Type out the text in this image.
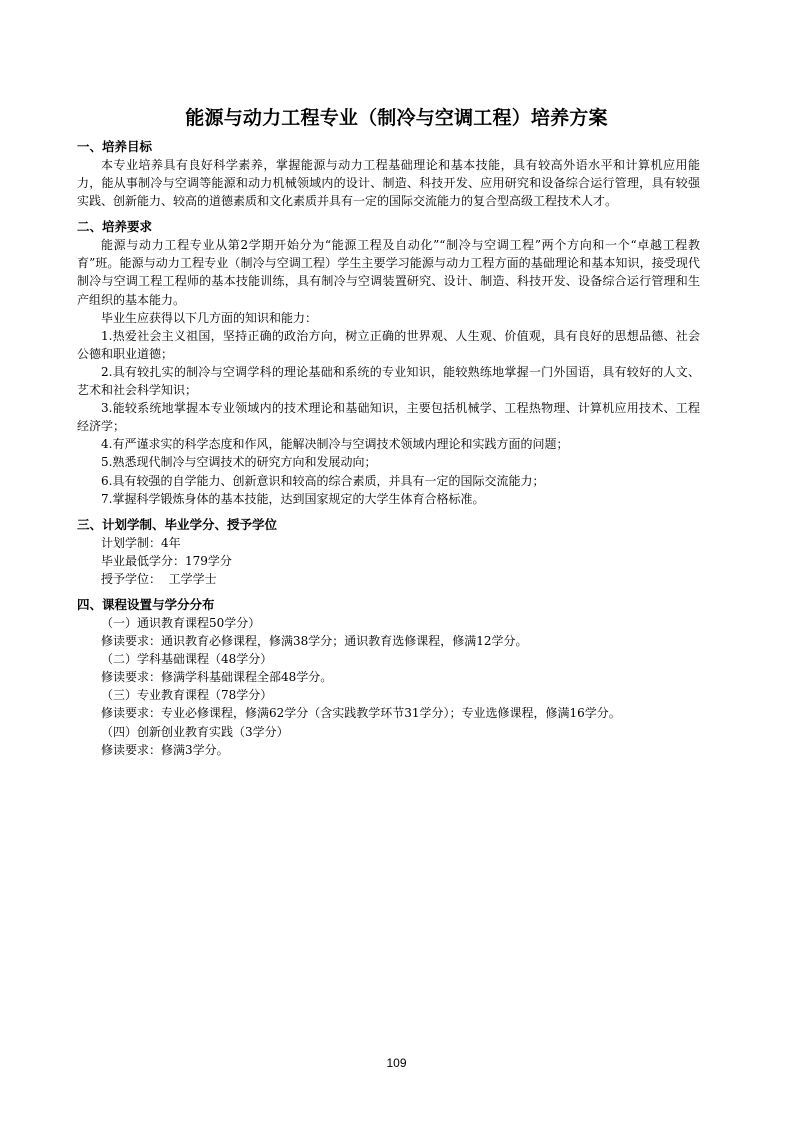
能源与动力工程专业（制冷与空调工程）培养方案

一、培养目标

本专业培养具有良好科学素养，掌握能源与动力工程基础理论和基本技能，具有较高外语水平和计算机应用能力，能从事制冷与空调等能源和动力机械领域内的设计、制造、科技开发、应用研究和设备综合运行管理，具有较强实践、创新能力、较高的道德素质和文化素质并具有一定的国际交流能力的复合型高级工程技术人才。

二、培养要求

能源与动力工程专业从第2学期开始分为“能源工程及自动化”“制冷与空调工程”两个方向和一个“卓越工程教育”班。能源与动力工程专业（制冷与空调工程）学生主要学习能源与动力工程方面的基础理论和基本知识，接受现代制冷与空调工程工程师的基本技能训练，具有制冷与空调装置研究、设计、制造、科技开发、设备综合运行管理和生产组织的基本能力。

毕业生应获得以下几方面的知识和能力：

1.热爱社会主义祖国，坚持正确的政治方向，树立正确的世界观、人生观、价值观，具有良好的思想品德、社会公德和职业道德；

2.具有较扎实的制冷与空调学科的理论基础和系统的专业知识，能较熟练地掌握一门外国语，具有较好的人文、艺术和社会科学知识；

3.能较系统地掌握本专业领域内的技术理论和基础知识，主要包括机械学、工程热物理、计算机应用技术、工程经济学；

4.有严谨求实的科学态度和作风，能解决制冷与空调技术领域内理论和实践方面的问题；

5.熟悉现代制冷与空调技术的研究方向和发展动向；

6.具有较强的自学能力、创新意识和较高的综合素质，并具有一定的国际交流能力；

7.掌握科学锻炼身体的基本技能，达到国家规定的大学生体育合格标准。

三、计划学制、毕业学分、授予学位

计划学制：4年

毕业最低学分：179学分

授予学位：  工学学士

四、课程设置与学分分布

（一）通识教育课程50学分）

修读要求：通识教育必修课程，修满38学分；通识教育选修课程，修满12学分。

（二）学科基础课程（48学分）

修读要求：修满学科基础课程全部48学分。

（三）专业教育课程（78学分）

修读要求：专业必修课程，修满62学分（含实践教学环节31学分）；专业选修课程，修满16学分。

（四）创新创业教育实践（3学分）

修读要求：修满3学分。

109
